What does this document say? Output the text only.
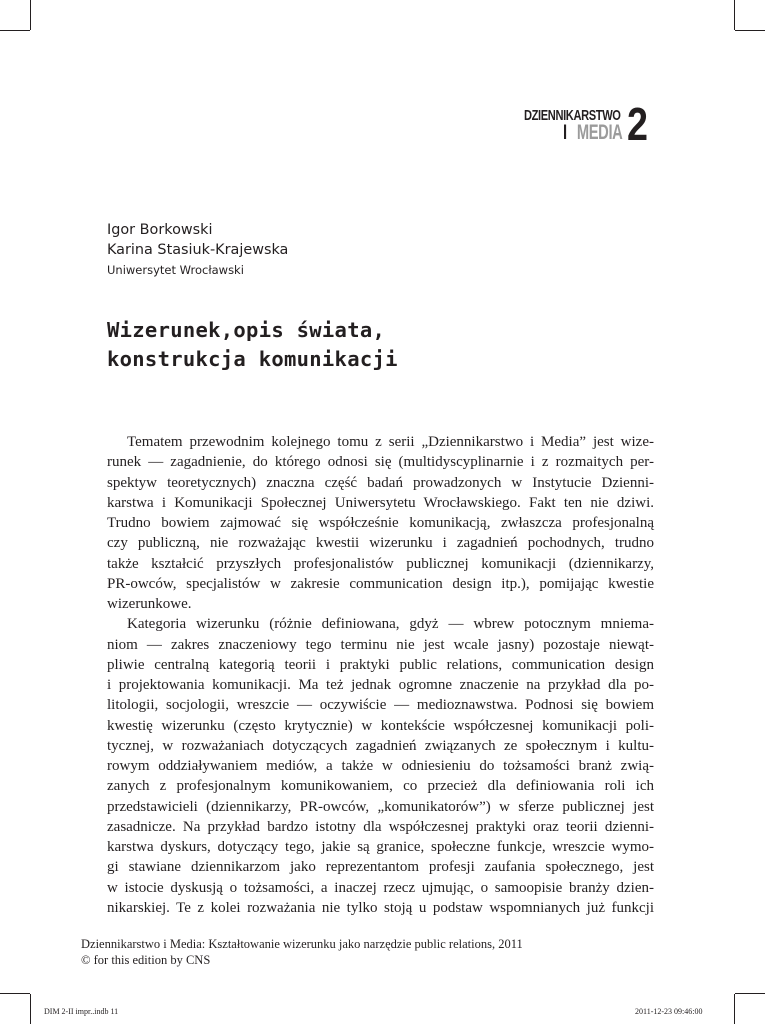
DZIENNIKARSTWO
I   MEDIA 2
Igor Borkowski
Karina Stasiuk-Krajewska
Uniwersytet Wrocławski
Wizerunek,opis świata,
konstrukcja komunikacji
Tematem przewodnim kolejnego tomu z serii „Dziennikarstwo i Media” jest wize-
runek — zagadnienie, do którego odnosi się (multidyscyplinarnie i z rozmaitych per-
spektyw teoretycznych) znaczna część badań prowadzonych w Instytucie Dzienni-
karstwa i Komunikacji Społecznej Uniwersytetu Wrocławskiego. Fakt ten nie dziwi.
Trudno bowiem zajmować się współcześnie komunikacją, zwłaszcza profesjonalną
czy publiczną, nie rozważając kwestii wizerunku i zagadnień pochodnych, trudno
także kształcić przyszłych profesjonalistów publicznej komunikacji (dziennikarzy,
PR-owców, specjalistów w zakresie communication design itp.), pomijając kwestie
wizerunkowe.
Kategoria wizerunku (różnie definiowana, gdyż — wbrew potocznym mniema-
niom — zakres znaczeniowy tego terminu nie jest wcale jasny) pozostaje niewąt-
pliwie centralną kategorią teorii i praktyki public relations, communication design
i projektowania komunikacji. Ma też jednak ogromne znaczenie na przykład dla po-
litologii, socjologii, wreszcie — oczywiście — medioznawstwa. Podnosi się bowiem
kwestię wizerunku (często krytycznie) w kontekście współczesnej komunikacji poli-
tycznej, w rozważaniach dotyczących zagadnień związanych ze społecznym i kultu-
rowym oddziaływaniem mediów, a także w odniesieniu do tożsamości branż zwią-
zanych z profesjonalnym komunikowaniem, co przecież dla definiowania roli ich
przedstawicieli (dziennikarzy, PR-owców, „komunikatorów”) w sferze publicznej jest
zasadnicze. Na przykład bardzo istotny dla współczesnej praktyki oraz teorii dzienni-
karstwa dyskurs, dotyczący tego, jakie są granice, społeczne funkcje, wreszcie wymo-
gi stawiane dziennikarzom jako reprezentantom profesji zaufania społecznego, jest
w istocie dyskusją o tożsamości, a inaczej rzecz ujmując, o samoopisie branży dzien-
nikarskiej. Te z kolei rozważania nie tylko stoją u podstaw wspomnianych już funkcji
Dziennikarstwo i Media: Kształtowanie wizerunku jako narzędzie public relations, 2011
© for this edition by CNS
DIM 2-II impr..indb 11	2011-12-23 09:46:00
